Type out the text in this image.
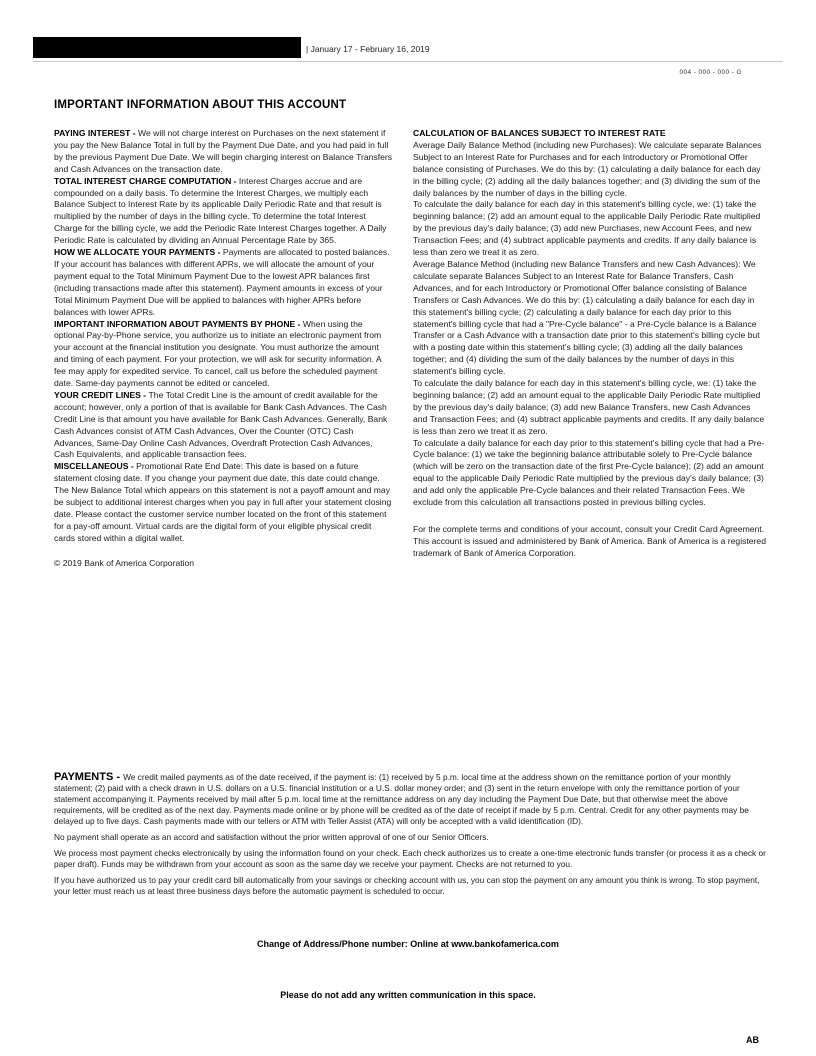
| January 17 - February 16, 2019
004 - 000 - 000 - G
IMPORTANT INFORMATION ABOUT THIS ACCOUNT

PAYING INTEREST - We will not charge interest on Purchases on the next statement if you pay the New Balance Total in full by the Payment Due Date, and you had paid in full by the previous Payment Due Date. We will begin charging interest on Balance Transfers and Cash Advances on the transaction date.

TOTAL INTEREST CHARGE COMPUTATION - Interest Charges accrue and are compounded on a daily basis. To determine the Interest Charges, we multiply each Balance Subject to Interest Rate by its applicable Daily Periodic Rate and that result is multiplied by the number of days in the billing cycle. To determine the total Interest Charge for the billing cycle, we add the Periodic Rate Interest Charges together. A Daily Periodic Rate is calculated by dividing an Annual Percentage Rate by 365.

HOW WE ALLOCATE YOUR PAYMENTS - Payments are allocated to posted balances. If your account has balances with different APRs, we will allocate the amount of your payment equal to the Total Minimum Payment Due to the lowest APR balances first (including transactions made after this statement). Payment amounts in excess of your Total Minimum Payment Due will be applied to balances with higher APRs before balances with lower APRs.

IMPORTANT INFORMATION ABOUT PAYMENTS BY PHONE - When using the optional Pay-by-Phone service, you authorize us to initiate an electronic payment from your account at the financial institution you designate. You must authorize the amount and timing of each payment. For your protection, we will ask for security information. A fee may apply for expedited service. To cancel, call us before the scheduled payment date. Same-day payments cannot be edited or canceled.

YOUR CREDIT LINES - The Total Credit Line is the amount of credit available for the account; however, only a portion of that is available for Bank Cash Advances. The Cash Credit Line is that amount you have available for Bank Cash Advances. Generally, Bank Cash Advances consist of ATM Cash Advances, Over the Counter (OTC) Cash Advances, Same-Day Online Cash Advances, Overdraft Protection Cash Advances, Cash Equivalents, and applicable transaction fees.

MISCELLANEOUS - Promotional Rate End Date: This date is based on a future statement closing date. If you change your payment due date, this date could change. The New Balance Total which appears on this statement is not a payoff amount and may be subject to additional interest charges when you pay in full after your statement closing date. Please contact the customer service number located on the front of this statement for a pay-off amount. Virtual cards are the digital form of your eligible physical credit cards stored within a digital wallet.

© 2019 Bank of America Corporation

CALCULATION OF BALANCES SUBJECT TO INTEREST RATE

Average Daily Balance Method (including new Purchases): We calculate separate Balances Subject to an Interest Rate for Purchases and for each Introductory or Promotional Offer balance consisting of Purchases. We do this by: (1) calculating a daily balance for each day in the billing cycle; (2) adding all the daily balances together; and (3) dividing the sum of the daily balances by the number of days in the billing cycle.

To calculate the daily balance for each day in this statement's billing cycle, we: (1) take the beginning balance; (2) add an amount equal to the applicable Daily Periodic Rate multiplied by the previous day's daily balance; (3) add new Purchases, new Account Fees, and new Transaction Fees; and (4) subtract applicable payments and credits. If any daily balance is less than zero we treat it as zero.

Average Balance Method (including new Balance Transfers and new Cash Advances): We calculate separate Balances Subject to an Interest Rate for Balance Transfers, Cash Advances, and for each Introductory or Promotional Offer balance consisting of Balance Transfers or Cash Advances. We do this by: (1) calculating a daily balance for each day in this statement's billing cycle; (2) calculating a daily balance for each day prior to this statement's billing cycle that had a "Pre-Cycle balance" - a Pre-Cycle balance is a Balance Transfer or a Cash Advance with a transaction date prior to this statement's billing cycle but with a posting date within this statement's billing cycle; (3) adding all the daily balances together; and (4) dividing the sum of the daily balances by the number of days in this statement's billing cycle.

To calculate the daily balance for each day in this statement's billing cycle, we: (1) take the beginning balance; (2) add an amount equal to the applicable Daily Periodic Rate multiplied by the previous day's daily balance; (3) add new Balance Transfers, new Cash Advances and Transaction Fees; and (4) subtract applicable payments and credits. If any daily balance is less than zero we treat it as zero.

To calculate a daily balance for each day prior to this statement's billing cycle that had a Pre-Cycle balance: (1) we take the beginning balance attributable solely to Pre-Cycle balance (which will be zero on the transaction date of the first Pre-Cycle balance); (2) add an amount equal to the applicable Daily Periodic Rate multiplied by the previous day's daily balance; (3) and add only the applicable Pre-Cycle balances and their related Transaction Fees. We exclude from this calculation all transactions posted in previous billing cycles.

For the complete terms and conditions of your account, consult your Credit Card Agreement. This account is issued and administered by Bank of America. Bank of America is a registered trademark of Bank of America Corporation.

PAYMENTS - We credit mailed payments as of the date received, if the payment is: (1) received by 5 p.m. local time at the address shown on the remittance portion of your monthly statement; (2) paid with a check drawn in U.S. dollars on a U.S. financial institution or a U.S. dollar money order; and (3) sent in the return envelope with only the remittance portion of your statement accompanying it. Payments received by mail after 5 p.m. local time at the remittance address on any day including the Payment Due Date, but that otherwise meet the above requirements, will be credited as of the next day. Payments made online or by phone will be credited as of the date of receipt if made by 5 p.m. Central. Credit for any other payments may be delayed up to five days. Cash payments made with our tellers or ATM with Teller Assist (ATA) will only be accepted with a valid identification (ID).

No payment shall operate as an accord and satisfaction without the prior written approval of one of our Senior Officers.

We process most payment checks electronically by using the information found on your check. Each check authorizes us to create a one-time electronic funds transfer (or process it as a check or paper draft). Funds may be withdrawn from your account as soon as the same day we receive your payment. Checks are not returned to you.

If you have authorized us to pay your credit card bill automatically from your savings or checking account with us, you can stop the payment on any amount you think is wrong. To stop payment, your letter must reach us at least three business days before the automatic payment is scheduled to occur.

Change of Address/Phone number: Online at www.bankofamerica.com
Please do not add any written communication in this space.
AB
